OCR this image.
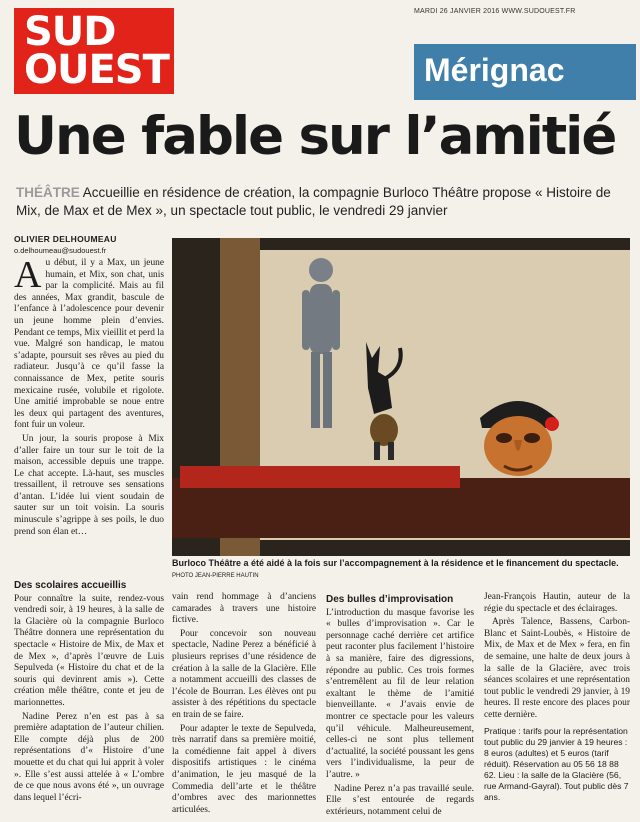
SUD
OUEST
MARDI 26 JANVIER 2016 WWW.SUDOUEST.FR
Mérignac
Une fable sur l’amitié
THÉÂTRE Accueillie en résidence de création, la compagnie Burloco Théâtre propose « Histoire de Mix, de Max et de Mex », un spectacle tout public, le vendredi 29 janvier
OLIVIER DELHOUMEAU
o.delhoumeau@sudouest.fr
A u début, il y a Max, un jeune humain, et Mix, son chat, unis par la complicité. Mais au fil des années, Max grandit, bascule de l’enfance à l’adolescence pour devenir un jeune homme plein d’envies. Pendant ce temps, Mix vieillit et perd la vue. Malgré son handicap, le matou s’adapte, poursuit ses rêves au pied du radiateur. Jusqu’à ce qu’il fasse la connaissance de Mex, petite souris mexicaine rusée, volubile et rigolote. Une amitié improbable se noue entre les deux qui partagent des aventures, font fuir un voleur.

Un jour, la souris propose à Mix d’aller faire un tour sur le toit de la maison, accessible depuis une trappe. Le chat accepte. Là-haut, ses muscles tressaillent, il retrouve ses sensations d’antan. L’idée lui vient soudain de sauter sur un toit voisin. La souris minuscule s’agrippe à ses poils, le duo prend son élan et…

Burloco Théâtre a été aidé à la fois sur l’accompagnement à la résidence et le financement du spectacle. PHOTO JEAN-PIERRE HAUTIN
Des scolaires accueillis

Pour connaître la suite, rendez-vous vendredi soir, à 19 heures, à la salle de la Glacière où la compagnie Burloco Théâtre donnera une représentation du spectacle « Histoire de Mix, de Max et de Mex », d’après l’œuvre de Luis Sepulveda (« Histoire du chat et de la souris qui devinrent amis »). Cette création mêle théâtre, conte et jeu de marionnettes.

Nadine Perez n’en est pas à sa première adaptation de l’auteur chilien. Elle compte déjà plus de 200 représentations d’« Histoire d’une mouette et du chat qui lui apprit à voler ». Elle s’est aussi attelée à « L’ombre de ce que nous avons été », un ouvrage dans lequel l’écri-

vain rend hommage à d’anciens camarades à travers une histoire fictive.

Pour concevoir son nouveau spectacle, Nadine Perez a bénéficié à plusieurs reprises d’une résidence de création à la salle de la Glacière. Elle a notamment accueilli des classes de l’école de Bourran. Les élèves ont pu assister à des répétitions du spectacle en train de se faire.

Pour adapter le texte de Sepulveda, très narratif dans sa première moitié, la comédienne fait appel à divers dispositifs artistiques : le cinéma d’animation, le jeu masqué de la Commedia dell’arte et le théâtre d’ombres avec des marionnettes articulées.

Des bulles d’improvisation

L’introduction du masque favorise les « bulles d’improvisation ». Car le personnage caché derrière cet artifice peut raconter plus facilement l’histoire à sa manière, faire des digressions, répondre au public. Ces trois formes s’entremêlent au fil de leur relation exaltant le thème de l’amitié bienveillante. « J’avais envie de montrer ce spectacle pour les valeurs qu’il véhicule. Malheureusement, celles-ci ne sont plus tellement d’actualité, la société poussant les gens vers l’individualisme, la peur de l’autre. »

Nadine Perez n’a pas travaillé seule. Elle s’est entourée de regards extérieurs, notamment celui de

Jean-François Hautin, auteur de la régie du spectacle et des éclairages.

Après Talence, Bassens, Carbon-Blanc et Saint-Loubès, « Histoire de Mix, de Max et de Mex » fera, en fin de semaine, une halte de deux jours à la salle de la Glacière, avec trois séances scolaires et une représentation tout public le vendredi 29 janvier, à 19 heures. Il reste encore des places pour cette dernière.

Pratique : tarifs pour la représentation tout public du 29 janvier à 19 heures : 8 euros (adultes) et 5 euros (tarif réduit). Réservation au 05 56 18 88 62. Lieu : la salle de la Glacière (56, rue Armand-Gayral). Tout public dès 7 ans.
